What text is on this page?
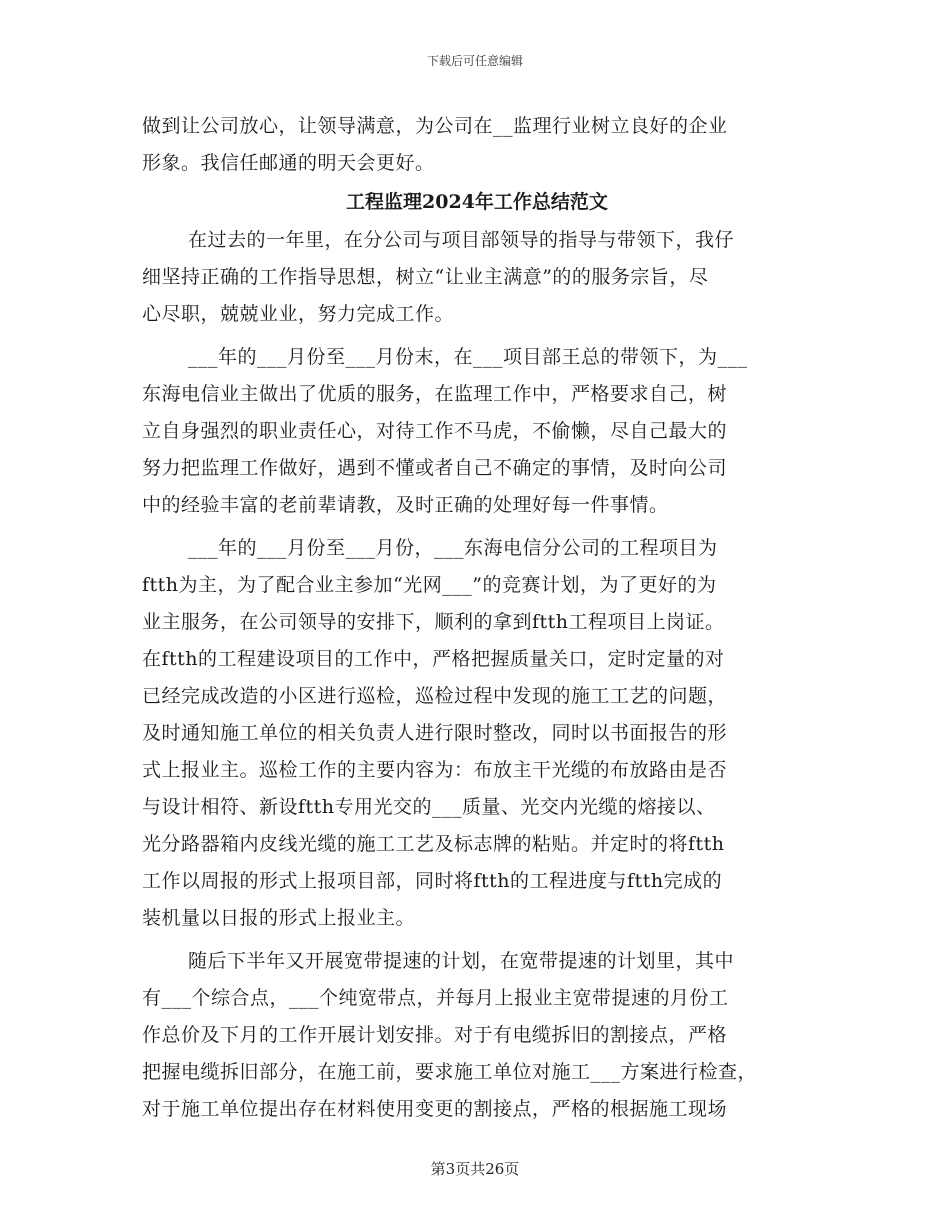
下载后可任意编辑
做到让公司放心，让领导满意，为公司在__监理行业树立良好的企业
形象。我信任邮通的明天会更好。
工程监理2024年工作总结范文
在过去的一年里，在分公司与项目部领导的指导与带领下，我仔
细坚持正确的工作指导思想，树立“让业主满意”的的服务宗旨，尽
心尽职，兢兢业业，努力完成工作。
___年的___月份至___月份末，在___项目部王总的带领下，为___
东海电信业主做出了优质的服务，在监理工作中，严格要求自己，树
立自身强烈的职业责任心，对待工作不马虎，不偷懒，尽自己最大的
努力把监理工作做好，遇到不懂或者自己不确定的事情，及时向公司
中的经验丰富的老前辈请教，及时正确的处理好每一件事情。
___年的___月份至___月份，___东海电信分公司的工程项目为
ftth为主，为了配合业主参加“光网___”的竞赛计划，为了更好的为
业主服务，在公司领导的安排下，顺利的拿到ftth工程项目上岗证。
在ftth的工程建设项目的工作中，严格把握质量关口，定时定量的对
已经完成改造的小区进行巡检，巡检过程中发现的施工工艺的问题，
及时通知施工单位的相关负责人进行限时整改，同时以书面报告的形
式上报业主。巡检工作的主要内容为：布放主干光缆的布放路由是否
与设计相符、新设ftth专用光交的___质量、光交内光缆的熔接以、
光分路器箱内皮线光缆的施工工艺及标志牌的粘贴。并定时的将ftth
工作以周报的形式上报项目部，同时将ftth的工程进度与ftth完成的
装机量以日报的形式上报业主。
随后下半年又开展宽带提速的计划，在宽带提速的计划里，其中
有___个综合点，___个纯宽带点，并每月上报业主宽带提速的月份工
作总价及下月的工作开展计划安排。对于有电缆拆旧的割接点，严格
把握电缆拆旧部分，在施工前，要求施工单位对施工___方案进行检查，
对于施工单位提出存在材料使用变更的割接点，严格的根据施工现场
第3页共26页
